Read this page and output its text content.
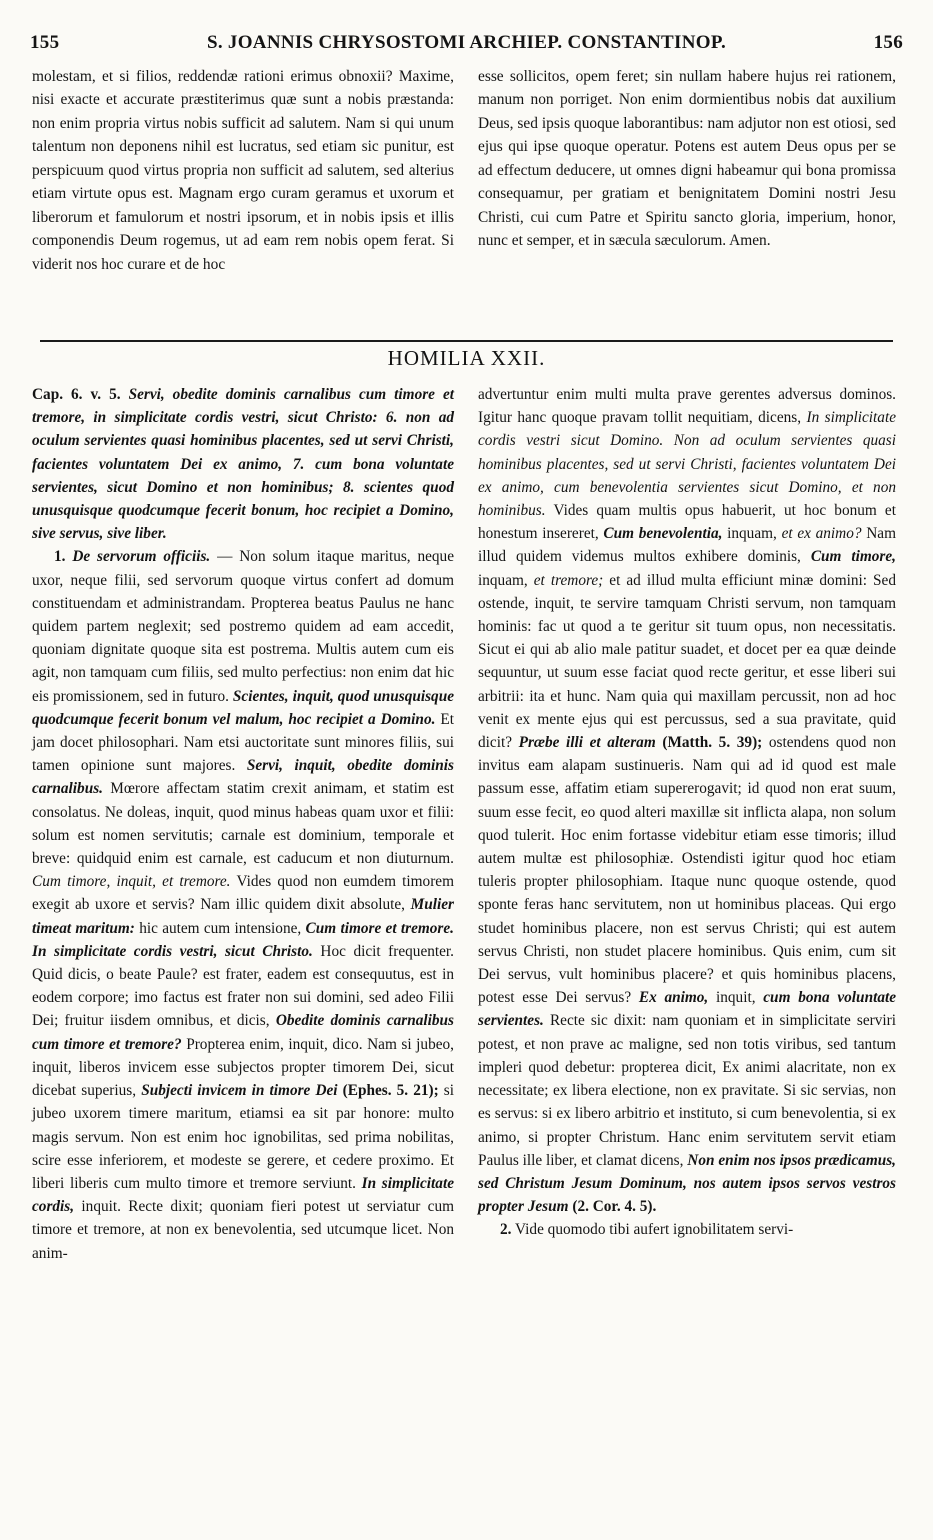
155	S. JOANNIS CHRYSOSTOMI ARCHIEP. CONSTANTINOP.	156

molestam, et si filios, reddendæ rationi erimus obnoxii? Maxime, nisi exacte et accurate præstiterimus quæ sunt a nobis præstanda: non enim propria virtus nobis sufficit ad salutem. Nam si qui unum talentum non deponens nihil est lucratus, sed etiam sic punitur, est perspicuum quod virtus propria non sufficit ad salutem, sed alterius etiam virtute opus est. Magnam ergo curam geramus et uxorum et liberorum et famulorum et nostri ipsorum, et in nobis ipsis et illis componendis Deum rogemus, ut ad eam rem nobis opem ferat. Si viderit nos hoc curare et de hoc

esse sollicitos, opem feret; sin nullam habere hujus rei rationem, manum non porriget. Non enim dormientibus nobis dat auxilium Deus, sed ipsis quoque laborantibus: nam adjutor non est otiosi, sed ejus qui ipse quoque operatur. Potens est autem Deus opus per se ad effectum deducere, ut omnes digni habeamur qui bona promissa consequamur, per gratiam et benignitatem Domini nostri Jesu Christi, cui cum Patre et Spiritu sancto gloria, imperium, honor, nunc et semper, et in sæcula sæculorum. Amen.

HOMILIA XXII.

Cap. 6. v. 5. Servi, obedite dominis carnalibus cum timore et tremore, in simplicitate cordis vestri, sicut Christo: 6. non ad oculum servientes quasi hominibus placentes, sed ut servi Christi, facientes voluntatem Dei ex animo, 7. cum bona voluntate servientes, sicut Domino et non hominibus; 8. scientes quod unusquisque quodcumque fecerit bonum, hoc recipiet a Domino, sive servus, sive liber.

1. De servorum officiis. — Non solum itaque maritus, neque uxor, neque filii, sed servorum quoque virtus confert ad domum constituendam et administrandam. Propterea beatus Paulus ne hanc quidem partem neglexit; sed postremo quidem ad eam accedit, quoniam dignitate quoque sita est postrema. Multis autem cum eis agit, non tamquam cum filiis, sed multo perfectius: non enim dat hic eis promissionem, sed in futuro. Scientes, inquit, quod unusquisque quodcumque fecerit bonum vel malum, hoc recipiet a Domino. Et jam docet philosophari. Nam etsi auctoritate sunt minores filiis, sui tamen opinione sunt majores. Servi, inquit, obedite dominis carnalibus. Mœrore affectam statim crexit animam, et statim est consolatus. Ne doleas, inquit, quod minus habeas quam uxor et filii: solum est nomen servitutis; carnale est dominium, temporale et breve: quidquid enim est carnale, est caducum et non diuturnum. Cum timore, inquit, et tremore. Vides quod non eumdem timorem exegit ab uxore et servis? Nam illic quidem dixit absolute, Mulier timeat maritum: hic autem cum intensione, Cum timore et tremore. In simplicitate cordis vestri, sicut Christo. Hoc dicit frequenter. Quid dicis, o beate Paule? est frater, eadem est consequutus, est in eodem corpore; imo factus est frater non sui domini, sed adeo Filii Dei; fruitur iisdem omnibus, et dicis, Obedite dominis carnalibus cum timore et tremore? Propterea enim, inquit, dico. Nam si jubeo, inquit, liberos invicem esse subjectos propter timorem Dei, sicut dicebat superius, Subjecti invicem in timore Dei (Ephes. 5. 21); si jubeo uxorem timere maritum, etiamsi ea sit par honore: multo magis servum. Non est enim hoc ignobilitas, sed prima nobilitas, scire esse inferiorem, et modeste se gerere, et cedere proximo. Et liberi liberis cum multo timore et tremore serviunt. In simplicitate cordis, inquit. Recte dixit; quoniam fieri potest ut serviatur cum timore et tremore, at non ex benevolentia, sed utcumque licet. Non anim-

advertuntur enim multi multa prave gerentes adversus dominos. Igitur hanc quoque pravam tollit nequitiam, dicens, In simplicitate cordis vestri sicut Domino. Non ad oculum servientes quasi hominibus placentes, sed ut servi Christi, facientes voluntatem Dei ex animo, cum benevolentia servientes sicut Domino, et non hominibus. Vides quam multis opus habuerit, ut hoc bonum et honestum insereret, Cum benevolentia, inquam, et ex animo? Nam illud quidem videmus multos exhibere dominis, Cum timore, inquam, et tremore; et ad illud multa efficiunt minæ domini: Sed ostende, inquit, te servire tamquam Christi servum, non tamquam hominis: fac ut quod a te geritur sit tuum opus, non necessitatis. Sicut ei qui ab alio male patitur suadet, et docet per ea quæ deinde sequuntur, ut suum esse faciat quod recte geritur, et esse liberi sui arbitrii: ita et hunc. Nam quia qui maxillam percussit, non ad hoc venit ex mente ejus qui est percussus, sed a sua pravitate, quid dicit? Præbe illi et alteram (Matth. 5. 39); ostendens quod non invitus eam alapam sustinueris. Nam qui ad id quod est male passum esse, affatim etiam supererogavit; id quod non erat suum, suum esse fecit, eo quod alteri maxillæ sit inflicta alapa, non solum quod tulerit. Hoc enim fortasse videbitur etiam esse timoris; illud autem multæ est philosophiæ. Ostendisti igitur quod hoc etiam tuleris propter philosophiam. Itaque nunc quoque ostende, quod sponte feras hanc servitutem, non ut hominibus placeas. Qui ergo studet hominibus placere, non est servus Christi; qui est autem servus Christi, non studet placere hominibus. Quis enim, cum sit Dei servus, vult hominibus placere? et quis hominibus placens, potest esse Dei servus? Ex animo, inquit, cum bona voluntate servientes. Recte sic dixit: nam quoniam et in simplicitate serviri potest, et non prave ac maligne, sed non totis viribus, sed tantum impleri quod debetur: propterea dicit, Ex animi alacritate, non ex necessitate; ex libera electione, non ex pravitate. Si sic servias, non es servus: si ex libero arbitrio et instituto, si cum benevolentia, si ex animo, si propter Christum. Hanc enim servitutem servit etiam Paulus ille liber, et clamat dicens, Non enim nos ipsos prædicamus, sed Christum Jesum Dominum, nos autem ipsos servos vestros propter Jesum (2. Cor. 4. 5).

2. Vide quomodo tibi aufert ignobilitatem servi-
